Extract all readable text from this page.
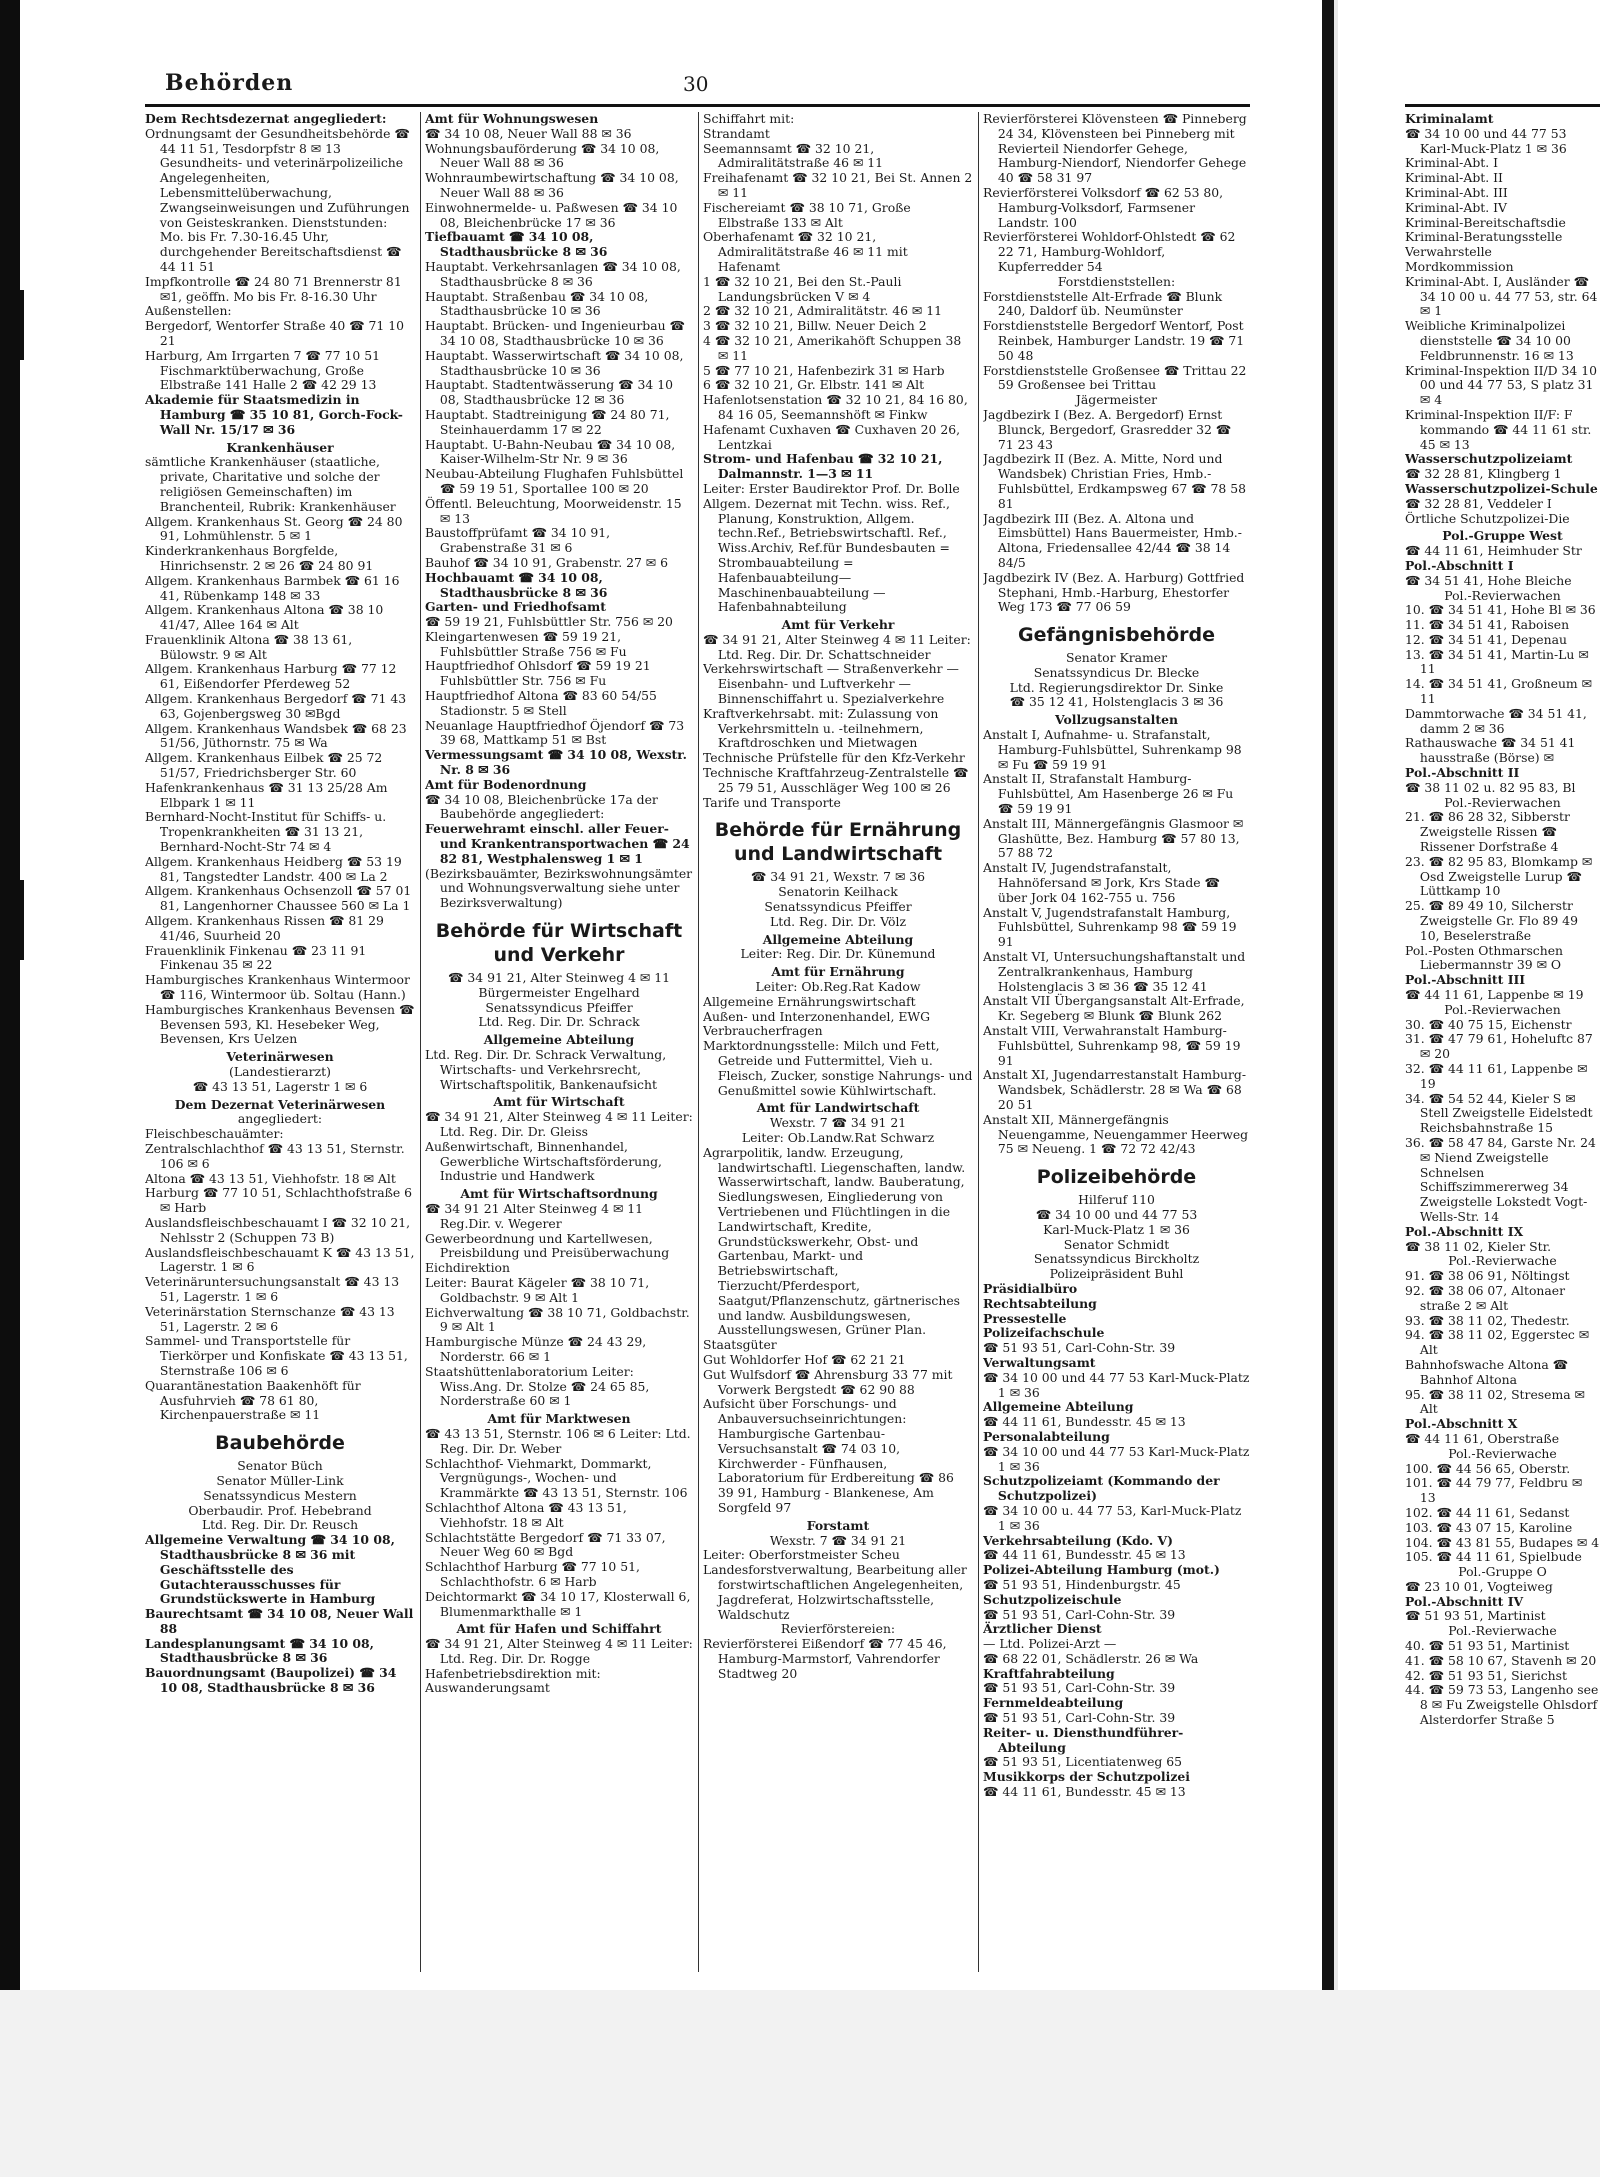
Behörden	30

Dem Rechtsdezernat angegliedert:

Ordnungsamt der Gesundheitsbehörde ☎ 44 11 51, Tesdorpfstr 8 ✉ 13 Gesundheits- und veterinärpolizeiliche Angelegenheiten, Lebensmittelüberwachung, Zwangseinweisungen und Zuführungen von Geisteskranken. Dienststunden: Mo. bis Fr. 7.30-16.45 Uhr, durchgehender Bereitschaftsdienst ☎ 44 11 51

Impfkontrolle ☎ 24 80 71 Brennerstr 81 ✉1, geöffn. Mo bis Fr. 8-16.30 Uhr

Außenstellen:

Bergedorf, Wentorfer Straße 40 ☎ 71 10 21

Harburg, Am Irrgarten 7 ☎ 77 10 51 Fischmarktüberwachung, Große Elbstraße 141 Halle 2 ☎ 42 29 13

Akademie für Staatsmedizin in Hamburg ☎ 35 10 81, Gorch-Fock-Wall Nr. 15/17 ✉ 36

Krankenhäuser

sämtliche Krankenhäuser (staatliche, private, Charitative und solche der religiösen Gemeinschaften) im Branchenteil, Rubrik: Krankenhäuser

Allgem. Krankenhaus St. Georg ☎ 24 80 91, Lohmühlenstr. 5 ✉ 1

Kinderkrankenhaus Borgfelde, Hinrichsenstr. 2 ✉ 26 ☎ 24 80 91

Allgem. Krankenhaus Barmbek ☎ 61 16 41, Rübenkamp 148 ✉ 33

Allgem. Krankenhaus Altona ☎ 38 10 41/47, Allee 164 ✉ Alt

Frauenklinik Altona ☎ 38 13 61, Bülowstr. 9 ✉ Alt

Allgem. Krankenhaus Harburg ☎ 77 12 61, Eißendorfer Pferdeweg 52

Allgem. Krankenhaus Bergedorf ☎ 71 43 63, Gojenbergsweg 30 ✉Bgd

Allgem. Krankenhaus Wandsbek ☎ 68 23 51/56, Jüthornstr. 75 ✉ Wa

Allgem. Krankenhaus Eilbek ☎ 25 72 51/57, Friedrichsberger Str. 60

Hafenkrankenhaus ☎ 31 13 25/28 Am Elbpark 1 ✉ 11

Bernhard-Nocht-Institut für Schiffs- u. Tropenkrankheiten ☎ 31 13 21, Bernhard-Nocht-Str 74 ✉ 4

Allgem. Krankenhaus Heidberg ☎ 53 19 81, Tangstedter Landstr. 400 ✉ La 2

Allgem. Krankenhaus Ochsenzoll ☎ 57 01 81, Langenhorner Chaussee 560 ✉ La 1

Allgem. Krankenhaus Rissen ☎ 81 29 41/46, Suurheid 20

Frauenklinik Finkenau ☎ 23 11 91 Finkenau 35 ✉ 22

Hamburgisches Krankenhaus Wintermoor ☎ 116, Wintermoor üb. Soltau (Hann.)

Hamburgisches Krankenhaus Bevensen ☎ Bevensen 593, Kl. Hesebeker Weg, Bevensen, Krs Uelzen

Veterinärwesen

(Landestierarzt)

☎ 43 13 51, Lagerstr 1 ✉ 6

Dem Dezernat Veterinärwesen

angegliedert:

Fleischbeschauämter:

Zentralschlachthof ☎ 43 13 51, Sternstr. 106 ✉ 6

Altona ☎ 43 13 51, Viehhofstr. 18 ✉ Alt

Harburg ☎ 77 10 51, Schlachthofstraße 6 ✉ Harb

Auslandsfleischbeschauamt I ☎ 32 10 21, Nehlsstr 2 (Schuppen 73 B)

Auslandsfleischbeschauamt K ☎ 43 13 51, Lagerstr. 1 ✉ 6

Veterinäruntersuchungsanstalt ☎ 43 13 51, Lagerstr. 1 ✉ 6

Veterinärstation Sternschanze ☎ 43 13 51, Lagerstr. 2 ✉ 6

Sammel- und Transportstelle für Tierkörper und Konfiskate ☎ 43 13 51, Sternstraße 106 ✉ 6

Quarantänestation Baakenhöft für Ausfuhrvieh ☎ 78 61 80, Kirchenpauerstraße ✉ 11

Baubehörde

Senator Büch

Senator Müller-Link

Senatssyndicus Mestern

Oberbaudir. Prof. Hebebrand

Ltd. Reg. Dir. Dr. Reusch

Allgemeine Verwaltung ☎ 34 10 08, Stadthausbrücke 8 ✉ 36 mit Geschäftsstelle des Gutachterausschusses für Grundstückswerte in Hamburg

Baurechtsamt ☎ 34 10 08, Neuer Wall 88

Landesplanungsamt ☎ 34 10 08, Stadthausbrücke 8 ✉ 36

Bauordnungsamt (Baupolizei) ☎ 34 10 08, Stadthausbrücke 8 ✉ 36

Amt für Wohnungswesen

☎ 34 10 08, Neuer Wall 88 ✉ 36

Wohnungsbauförderung ☎ 34 10 08, Neuer Wall 88 ✉ 36

Wohnraumbewirtschaftung ☎ 34 10 08, Neuer Wall 88 ✉ 36

Einwohnermelde- u. Paßwesen ☎ 34 10 08, Bleichenbrücke 17 ✉ 36

Tiefbauamt ☎ 34 10 08, Stadthausbrücke 8 ✉ 36

Hauptabt. Verkehrsanlagen ☎ 34 10 08, Stadthausbrücke 8 ✉ 36

Hauptabt. Straßenbau ☎ 34 10 08, Stadthausbrücke 10 ✉ 36

Hauptabt. Brücken- und Ingenieurbau ☎ 34 10 08, Stadthausbrücke 10 ✉ 36

Hauptabt. Wasserwirtschaft ☎ 34 10 08, Stadthausbrücke 10 ✉ 36

Hauptabt. Stadtentwässerung ☎ 34 10 08, Stadthausbrücke 12 ✉ 36

Hauptabt. Stadtreinigung ☎ 24 80 71, Steinhauerdamm 17 ✉ 22

Hauptabt. U-Bahn-Neubau ☎ 34 10 08, Kaiser-Wilhelm-Str Nr. 9 ✉ 36

Neubau-Abteilung Flughafen Fuhlsbüttel ☎ 59 19 51, Sportallee 100 ✉ 20

Öffentl. Beleuchtung, Moorweidenstr. 15 ✉ 13

Baustoffprüfamt ☎ 34 10 91, Grabenstraße 31 ✉ 6

Bauhof ☎ 34 10 91, Grabenstr. 27 ✉ 6

Hochbauamt ☎ 34 10 08, Stadthausbrücke 8 ✉ 36

Garten- und Friedhofsamt

☎ 59 19 21, Fuhlsbüttler Str. 756 ✉ 20

Kleingartenwesen ☎ 59 19 21, Fuhlsbüttler Straße 756 ✉ Fu

Hauptfriedhof Ohlsdorf ☎ 59 19 21 Fuhlsbüttler Str. 756 ✉ Fu

Hauptfriedhof Altona ☎ 83 60 54/55 Stadionstr. 5 ✉ Stell

Neuanlage Hauptfriedhof Öjendorf ☎ 73 39 68, Mattkamp 51 ✉ Bst

Vermessungsamt ☎ 34 10 08, Wexstr. Nr. 8 ✉ 36

Amt für Bodenordnung

☎ 34 10 08, Bleichenbrücke 17a der Baubehörde angegliedert:

Feuerwehramt einschl. aller Feuer- und Krankentransportwachen ☎ 24 82 81, Westphalensweg 1 ✉ 1

(Bezirksbauämter, Bezirkswohnungsämter und Wohnungsverwaltung siehe unter Bezirksverwaltung)

Behörde für Wirtschaft und Verkehr

☎ 34 91 21, Alter Steinweg 4 ✉ 11

Bürgermeister Engelhard

Senatssyndicus Pfeiffer

Ltd. Reg. Dir. Dr. Schrack

Allgemeine Abteilung

Ltd. Reg. Dir. Dr. Schrack Verwaltung, Wirtschafts- und Verkehrsrecht, Wirtschaftspolitik, Bankenaufsicht

Amt für Wirtschaft

☎ 34 91 21, Alter Steinweg 4 ✉ 11 Leiter: Ltd. Reg. Dir. Dr. Gleiss

Außenwirtschaft, Binnenhandel, Gewerbliche Wirtschaftsförderung, Industrie und Handwerk

Amt für Wirtschaftsordnung

☎ 34 91 21 Alter Steinweg 4 ✉ 11 Reg.Dir. v. Wegerer

Gewerbeordnung und Kartellwesen, Preisbildung und Preisüberwachung

Eichdirektion

Leiter: Baurat Kägeler ☎ 38 10 71, Goldbachstr. 9 ✉ Alt 1

Eichverwaltung ☎ 38 10 71, Goldbachstr. 9 ✉ Alt 1

Hamburgische Münze ☎ 24 43 29, Norderstr. 66 ✉ 1

Staatshüttenlaboratorium Leiter: Wiss.Ang. Dr. Stolze ☎ 24 65 85, Norderstraße 60 ✉ 1

Amt für Marktwesen

☎ 43 13 51, Sternstr. 106 ✉ 6 Leiter: Ltd. Reg. Dir. Dr. Weber

Schlachthof- Viehmarkt, Dommarkt, Vergnügungs-, Wochen- und Krammärkte ☎ 43 13 51, Sternstr. 106

Schlachthof Altona ☎ 43 13 51, Viehhofstr. 18 ✉ Alt

Schlachtstätte Bergedorf ☎ 71 33 07, Neuer Weg 60 ✉ Bgd

Schlachthof Harburg ☎ 77 10 51, Schlachthofstr. 6 ✉ Harb

Deichtormarkt ☎ 34 10 17, Klosterwall 6, Blumenmarkthalle ✉ 1

Amt für Hafen und Schiffahrt

☎ 34 91 21, Alter Steinweg 4 ✉ 11 Leiter: Ltd. Reg. Dir. Dr. Rogge

Hafenbetriebsdirektion mit:

Auswanderungsamt

Schiffahrt mit:

Strandamt

Seemannsamt ☎ 32 10 21, Admiralitätstraße 46 ✉ 11

Freihafenamt ☎ 32 10 21, Bei St. Annen 2 ✉ 11

Fischereiamt ☎ 38 10 71, Große Elbstraße 133 ✉ Alt

Oberhafenamt ☎ 32 10 21, Admiralitätstraße 46 ✉ 11 mit Hafenamt

1 ☎ 32 10 21, Bei den St.-Pauli Landungsbrücken V ✉ 4

2 ☎ 32 10 21, Admiralitätstr. 46 ✉ 11

3 ☎ 32 10 21, Billw. Neuer Deich 2

4 ☎ 32 10 21, Amerikahöft Schuppen 38 ✉ 11

5 ☎ 77 10 21, Hafenbezirk 31 ✉ Harb

6 ☎ 32 10 21, Gr. Elbstr. 141 ✉ Alt

Hafenlotsenstation ☎ 32 10 21, 84 16 80, 84 16 05, Seemannshöft ✉ Finkw

Hafenamt Cuxhaven ☎ Cuxhaven 20 26, Lentzkai

Strom- und Hafenbau ☎ 32 10 21, Dalmannstr. 1—3 ✉ 11

Leiter: Erster Baudirektor Prof. Dr. Bolle

Allgem. Dezernat mit Techn. wiss. Ref., Planung, Konstruktion, Allgem. techn.Ref., Betriebswirtschaftl. Ref., Wiss.Archiv, Ref.für Bundesbauten = Strombauabteilung = Hafenbauabteilung—Maschinenbauabteilung — Hafenbahnabteilung

Amt für Verkehr

☎ 34 91 21, Alter Steinweg 4 ✉ 11 Leiter: Ltd. Reg. Dir. Dr. Schattschneider

Verkehrswirtschaft — Straßenverkehr — Eisenbahn- und Luftverkehr — Binnenschiffahrt u. Spezialverkehre

Kraftverkehrsabt. mit: Zulassung von Verkehrsmitteln u. -teilnehmern, Kraftdroschken und Mietwagen

Technische Prüfstelle für den Kfz-Verkehr

Technische Kraftfahrzeug-Zentralstelle ☎ 25 79 51, Ausschläger Weg 100 ✉ 26

Tarife und Transporte

Behörde für Ernährung und Landwirtschaft

☎ 34 91 21, Wexstr. 7 ✉ 36

Senatorin Keilhack

Senatssyndicus Pfeiffer

Ltd. Reg. Dir. Dr. Völz

Allgemeine Abteilung

Leiter: Reg. Dir. Dr. Künemund

Amt für Ernährung

Leiter: Ob.Reg.Rat Kadow

Allgemeine Ernährungswirtschaft

Außen- und Interzonenhandel, EWG

Verbraucherfragen

Marktordnungsstelle: Milch und Fett, Getreide und Futtermittel, Vieh u. Fleisch, Zucker, sonstige Nahrungs- und Genußmittel sowie Kühlwirtschaft.

Amt für Landwirtschaft

Wexstr. 7 ☎ 34 91 21

Leiter: Ob.Landw.Rat Schwarz

Agrarpolitik, landw. Erzeugung, landwirtschaftl. Liegenschaften, landw. Wasserwirtschaft, landw. Bauberatung, Siedlungswesen, Eingliederung von Vertriebenen und Flüchtlingen in die Landwirtschaft, Kredite, Grundstückswerkehr, Obst- und Gartenbau, Markt- und Betriebswirtschaft, Tierzucht/Pferdesport, Saatgut/Pflanzenschutz, gärtnerisches und landw. Ausbildungswesen, Ausstellungswesen, Grüner Plan.

Staatsgüter

Gut Wohldorfer Hof ☎ 62 21 21

Gut Wulfsdorf ☎ Ahrensburg 33 77 mit Vorwerk Bergstedt ☎ 62 90 88

Aufsicht über Forschungs- und Anbauversuchseinrichtungen: Hamburgische Gartenbau-Versuchsanstalt ☎ 74 03 10, Kirchwerder - Fünfhausen, Laboratorium für Erdbereitung ☎ 86 39 91, Hamburg - Blankenese, Am Sorgfeld 97

Forstamt

Wexstr. 7 ☎ 34 91 21

Leiter: Oberforstmeister Scheu

Landesforstverwaltung, Bearbeitung aller forstwirtschaftlichen Angelegenheiten, Jagdreferat, Holzwirtschaftsstelle, Waldschutz

Revierförstereien:

Revierförsterei Eißendorf ☎ 77 45 46, Hamburg-Marmstorf, Vahrendorfer Stadtweg 20

Revierförsterei Klövensteen ☎ Pinneberg 24 34, Klövensteen bei Pinneberg mit Revierteil Niendorfer Gehege, Hamburg-Niendorf, Niendorfer Gehege 40 ☎ 58 31 97

Revierförsterei Volksdorf ☎ 62 53 80, Hamburg-Volksdorf, Farmsener Landstr. 100

Revierförsterei Wohldorf-Ohlstedt ☎ 62 22 71, Hamburg-Wohldorf, Kupferredder 54

Forstdienststellen:

Forstdienststelle Alt-Erfrade ☎ Blunk 240, Daldorf üb. Neumünster

Forstdienststelle Bergedorf Wentorf, Post Reinbek, Hamburger Landstr. 19 ☎ 71 50 48

Forstdienststelle Großensee ☎ Trittau 22 59 Großensee bei Trittau

Jägermeister

Jagdbezirk I (Bez. A. Bergedorf) Ernst Blunck, Bergedorf, Grasredder 32 ☎ 71 23 43

Jagdbezirk II (Bez. A. Mitte, Nord und Wandsbek) Christian Fries, Hmb.-Fuhlsbüttel, Erdkampsweg 67 ☎ 78 58 81

Jagdbezirk III (Bez. A. Altona und Eimsbüttel) Hans Bauermeister, Hmb.-Altona, Friedensallee 42/44 ☎ 38 14 84/5

Jagdbezirk IV (Bez. A. Harburg) Gottfried Stephani, Hmb.-Harburg, Ehestorfer Weg 173 ☎ 77 06 59

Gefängnisbehörde

Senator Kramer

Senatssyndicus Dr. Blecke

Ltd. Regierungsdirektor Dr. Sinke

☎ 35 12 41, Holstenglacis 3 ✉ 36

Vollzugsanstalten

Anstalt I, Aufnahme- u. Strafanstalt, Hamburg-Fuhlsbüttel, Suhrenkamp 98 ✉ Fu ☎ 59 19 91

Anstalt II, Strafanstalt Hamburg-Fuhlsbüttel, Am Hasenberge 26 ✉ Fu ☎ 59 19 91

Anstalt III, Männergefängnis Glasmoor ✉ Glashütte, Bez. Hamburg ☎ 57 80 13, 57 88 72

Anstalt IV, Jugendstrafanstalt, Hahnöfersand ✉ Jork, Krs Stade ☎ über Jork 04 162-755 u. 756

Anstalt V, Jugendstrafanstalt Hamburg, Fuhlsbüttel, Suhrenkamp 98 ☎ 59 19 91

Anstalt VI, Untersuchungshaftanstalt und Zentralkrankenhaus, Hamburg Holstenglacis 3 ✉ 36 ☎ 35 12 41

Anstalt VII Übergangsanstalt Alt-Erfrade, Kr. Segeberg ✉ Blunk ☎ Blunk 262

Anstalt VIII, Verwahranstalt Hamburg-Fuhlsbüttel, Suhrenkamp 98, ☎ 59 19 91

Anstalt XI, Jugendarrestanstalt Hamburg-Wandsbek, Schädlerstr. 28 ✉ Wa ☎ 68 20 51

Anstalt XII, Männergefängnis Neuengamme, Neuengammer Heerweg 75 ✉ Neueng. 1 ☎ 72 72 42/43

Polizeibehörde

Hilferuf 110

☎ 34 10 00 und 44 77 53

Karl-Muck-Platz 1 ✉ 36

Senator Schmidt

Senatssyndicus Birckholtz

Polizeipräsident Buhl

Präsidialbüro

Rechtsabteilung

Pressestelle

Polizeifachschule

☎ 51 93 51, Carl-Cohn-Str. 39

Verwaltungsamt

☎ 34 10 00 und 44 77 53 Karl-Muck-Platz 1 ✉ 36

Allgemeine Abteilung

☎ 44 11 61, Bundesstr. 45 ✉ 13

Personalabteilung

☎ 34 10 00 und 44 77 53 Karl-Muck-Platz 1 ✉ 36

Schutzpolizeiamt (Kommando der Schutzpolizei)

☎ 34 10 00 u. 44 77 53, Karl-Muck-Platz 1 ✉ 36

Verkehrsabteilung (Kdo. V)

☎ 44 11 61, Bundesstr. 45 ✉ 13

Polizei-Abteilung Hamburg (mot.)

☎ 51 93 51, Hindenburgstr. 45

Schutzpolizeischule

☎ 51 93 51, Carl-Cohn-Str. 39

Ärztlicher Dienst

— Ltd. Polizei-Arzt —

☎ 68 22 01, Schädlerstr. 26 ✉ Wa

Kraftfahrabteilung

☎ 51 93 51, Carl-Cohn-Str. 39

Fernmeldeabteilung

☎ 51 93 51, Carl-Cohn-Str. 39

Reiter- u. Diensthundführer-Abteilung

☎ 51 93 51, Licentiatenweg 65

Musikkorps der Schutzpolizei

☎ 44 11 61, Bundesstr. 45 ✉ 13

Kriminalamt

☎ 34 10 00 und 44 77 53 Karl-Muck-Platz 1 ✉ 36

Kriminal-Abt. I

Kriminal-Abt. II

Kriminal-Abt. III

Kriminal-Abt. IV

Kriminal-Bereitschaftsdie

Kriminal-Beratungsstelle

Verwahrstelle

Mordkommission

Kriminal-Abt. I, Ausländer ☎ 34 10 00 u. 44 77 53, str. 64 ✉ 1

Weibliche Kriminalpolizei dienststelle ☎ 34 10 00 Feldbrunnenstr. 16 ✉ 13

Kriminal-Inspektion II/D 34 10 00 und 44 77 53, S platz 31 ✉ 4

Kriminal-Inspektion II/F: F kommando ☎ 44 11 61 str. 45 ✉ 13

Wasserschutzpolizeiamt

☎ 32 28 81, Klingberg 1

Wasserschutzpolizei-Schule

☎ 32 28 81, Veddeler I

Örtliche Schutzpolizei-Die

Pol.-Gruppe West

☎ 44 11 61, Heimhuder Str

Pol.-Abschnitt I

☎ 34 51 41, Hohe Bleiche

Pol.-Revierwachen

10. ☎ 34 51 41, Hohe Bl ✉ 36

11. ☎ 34 51 41, Raboisen

12. ☎ 34 51 41, Depenau

13. ☎ 34 51 41, Martin-Lu ✉ 11

14. ☎ 34 51 41, Großneum ✉ 11

Dammtorwache ☎ 34 51 41, damm 2 ✉ 36

Rathauswache ☎ 34 51 41 hausstraße (Börse) ✉

Pol.-Abschnitt II

☎ 38 11 02 u. 82 95 83, Bl

Pol.-Revierwachen

21. ☎ 86 28 32, Sibberstr Zweigstelle Rissen ☎ Rissener Dorfstraße 4

23. ☎ 82 95 83, Blomkamp ✉ Osd Zweigstelle Lurup ☎ Lüttkamp 10

25. ☎ 89 49 10, Silcherstr Zweigstelle Gr. Flo 89 49 10, Beselerstraße

Pol.-Posten Othmarschen Liebermannstr 39 ✉ O

Pol.-Abschnitt III

☎ 44 11 61, Lappenbe ✉ 19

Pol.-Revierwachen

30. ☎ 40 75 15, Eichenstr

31. ☎ 47 79 61, Hoheluftc 87 ✉ 20

32. ☎ 44 11 61, Lappenbe ✉ 19

34. ☎ 54 52 44, Kieler S ✉ Stell Zweigstelle Eidelstedt Reichsbahnstraße 15

36. ☎ 58 47 84, Garste Nr. 24 ✉ Niend Zweigstelle Schnelsen Schiffszimmererweg 34 Zweigstelle Lokstedt Vogt-Wells-Str. 14

Pol.-Abschnitt IX

☎ 38 11 02, Kieler Str.

Pol.-Revierwache

91. ☎ 38 06 91, Nöltingst

92. ☎ 38 06 07, Altonaer straße 2 ✉ Alt

93. ☎ 38 11 02, Thedestr.

94. ☎ 38 11 02, Eggerstec ✉ Alt

Bahnhofswache Altona ☎ Bahnhof Altona

95. ☎ 38 11 02, Stresema ✉ Alt

Pol.-Abschnitt X

☎ 44 11 61, Oberstraße

Pol.-Revierwache

100. ☎ 44 56 65, Oberstr.

101. ☎ 44 79 77, Feldbru ✉ 13

102. ☎ 44 11 61, Sedanst

103. ☎ 43 07 15, Karoline

104. ☎ 43 81 55, Budapes ✉ 4

105. ☎ 44 11 61, Spielbude

Pol.-Gruppe O

☎ 23 10 01, Vogteiweg

Pol.-Abschnitt IV

☎ 51 93 51, Martinist

Pol.-Revierwache

40. ☎ 51 93 51, Martinist

41. ☎ 58 10 67, Stavenh ✉ 20

42. ☎ 51 93 51, Sierichst

44. ☎ 59 73 53, Langenho see 8 ✉ Fu Zweigstelle Ohlsdorf Alsterdorfer Straße 5
